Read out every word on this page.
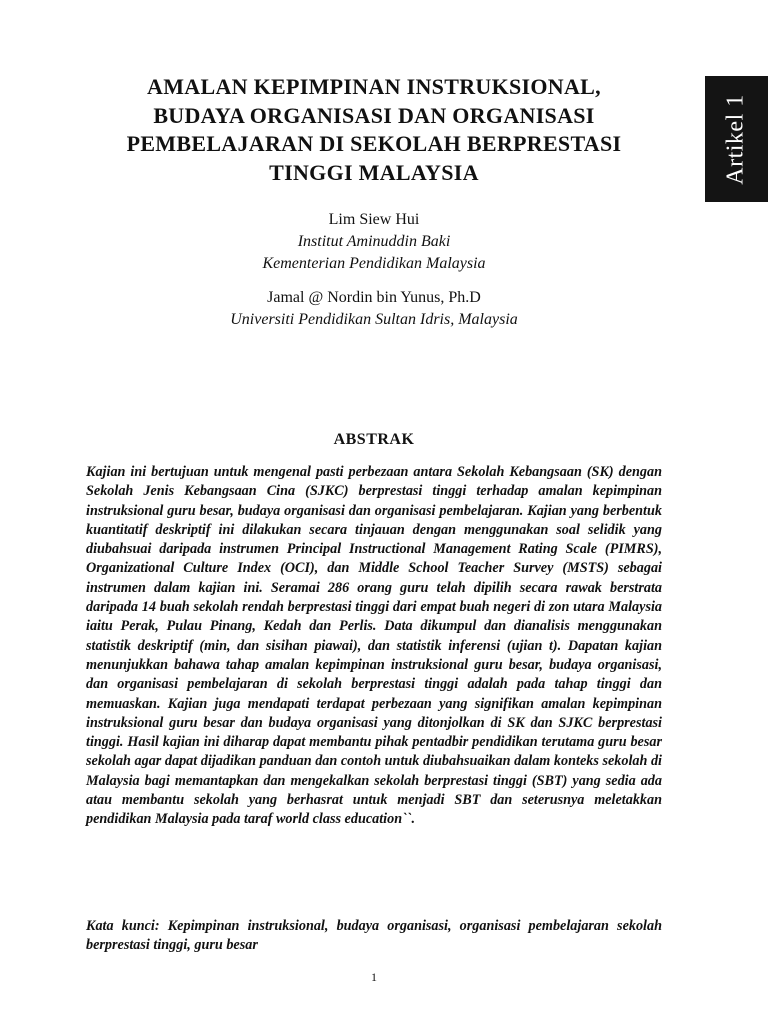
Artikel 1
AMALAN KEPIMPINAN INSTRUKSIONAL,
BUDAYA ORGANISASI DAN ORGANISASI
PEMBELAJARAN DI SEKOLAH BERPRESTASI
TINGGI MALAYSIA
Lim Siew Hui
Institut Aminuddin Baki
Kementerian Pendidikan Malaysia
Jamal @ Nordin bin Yunus, Ph.D
Universiti Pendidikan Sultan Idris, Malaysia
ABSTRAK

Kajian ini bertujuan untuk mengenal pasti perbezaan antara Sekolah Kebangsaan (SK) dengan Sekolah Jenis Kebangsaan Cina (SJKC) berprestasi tinggi terhadap amalan kepimpinan instruksional guru besar, budaya organisasi dan organisasi pembelajaran. Kajian yang berbentuk kuantitatif deskriptif ini dilakukan secara tinjauan dengan menggunakan soal selidik yang diubahsuai daripada instrumen Principal Instructional Management Rating Scale (PIMRS), Organizational Culture Index (OCI), dan Middle School Teacher Survey (MSTS) sebagai instrumen dalam kajian ini. Seramai 286 orang guru telah dipilih secara rawak berstrata daripada 14 buah sekolah rendah berprestasi tinggi dari empat buah negeri di zon utara Malaysia iaitu Perak, Pulau Pinang, Kedah dan Perlis. Data dikumpul dan dianalisis menggunakan statistik deskriptif (min, dan sisihan piawai), dan statistik inferensi (ujian t). Dapatan kajian menunjukkan bahawa tahap amalan kepimpinan instruksional guru besar, budaya organisasi, dan organisasi pembelajaran di sekolah berprestasi tinggi adalah pada tahap tinggi dan memuaskan. Kajian juga mendapati terdapat perbezaan yang signifikan amalan kepimpinan instruksional guru besar dan budaya organisasi yang ditonjolkan di SK dan SJKC berprestasi tinggi. Hasil kajian ini diharap dapat membantu pihak pentadbir pendidikan terutama guru besar sekolah agar dapat dijadikan panduan dan contoh untuk diubahsuaikan dalam konteks sekolah di Malaysia bagi memantapkan dan mengekalkan sekolah berprestasi tinggi (SBT) yang sedia ada atau membantu sekolah yang berhasrat untuk menjadi SBT dan seterusnya meletakkan pendidikan Malaysia pada taraf world class education``.

Kata kunci: Kepimpinan instruksional, budaya organisasi, organisasi pembelajaran sekolah berprestasi tinggi, guru besar

1
